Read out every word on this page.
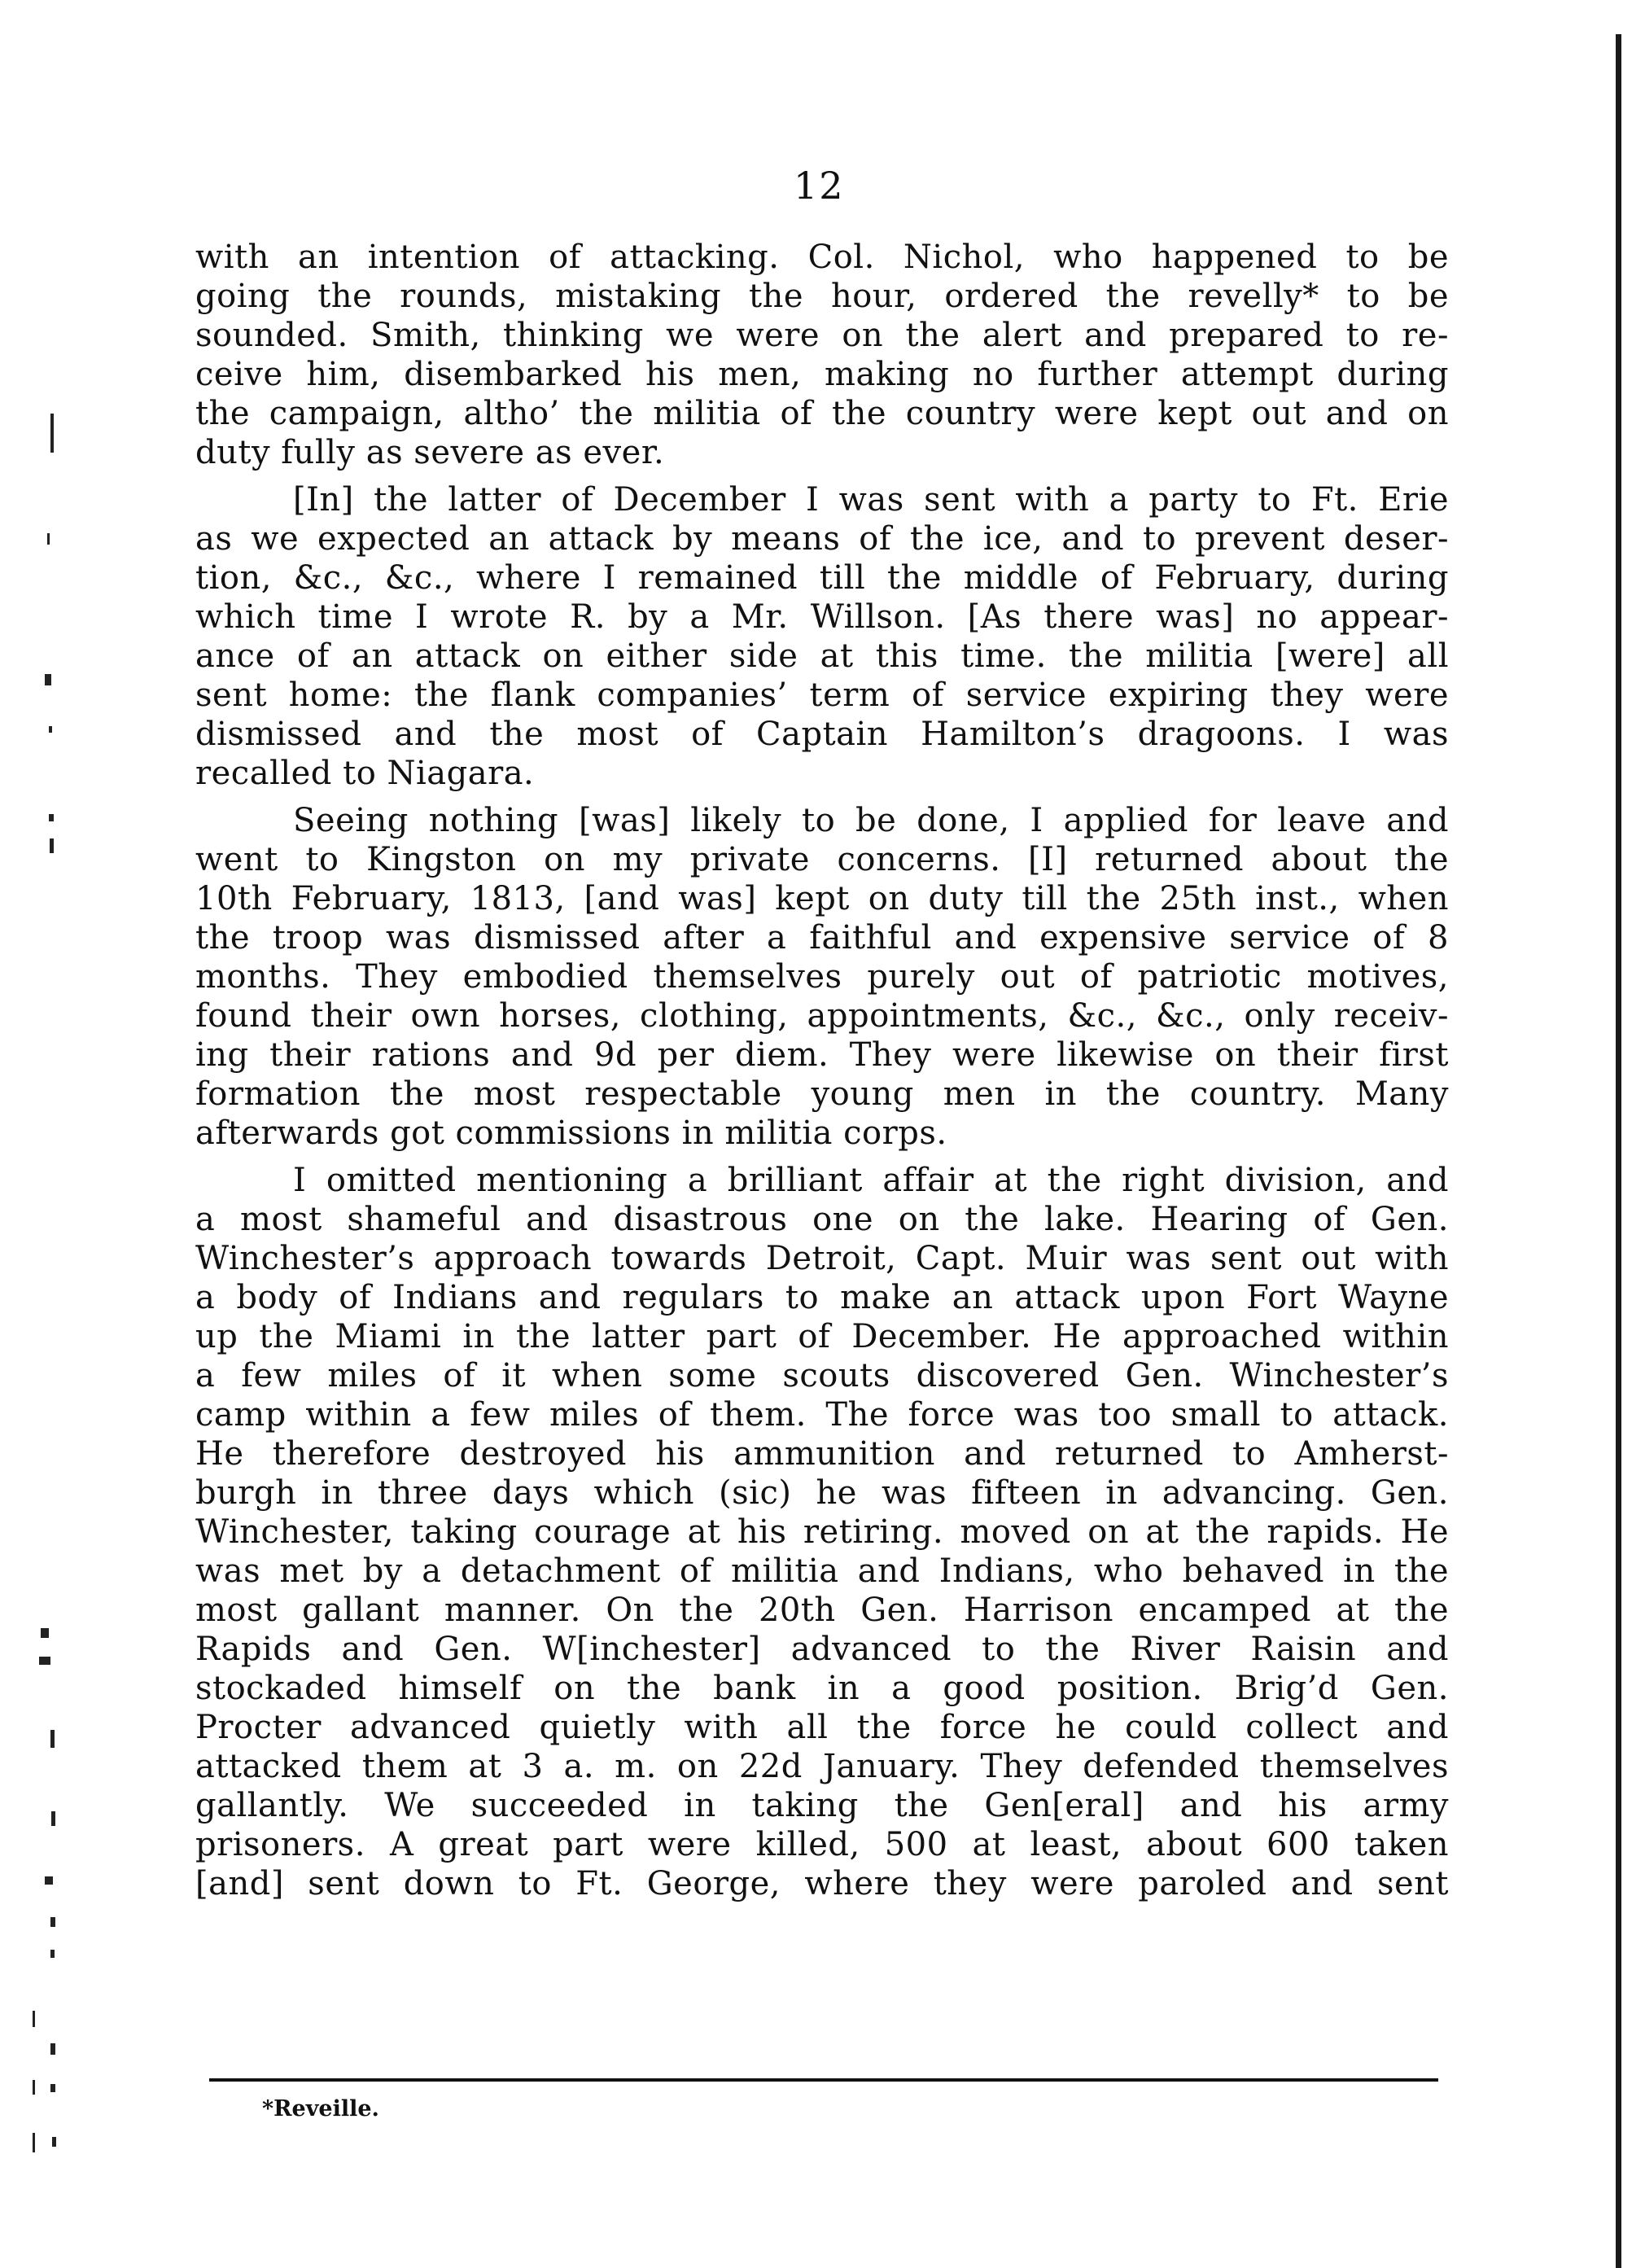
12
with an intention of attacking. Col. Nichol, who happened to be
going the rounds, mistaking the hour, ordered the revelly* to be
sounded. Smith, thinking we were on the alert and prepared to re-
ceive him, disembarked his men, making no further attempt during
the campaign, altho’ the militia of the country were kept out and on
duty fully as severe as ever.
[In] the latter of December I was sent with a party to Ft. Erie
as we expected an attack by means of the ice, and to prevent deser-
tion, &c., &c., where I remained till the middle of February, during
which time I wrote R. by a Mr. Willson. [As there was] no appear-
ance of an attack on either side at this time. the militia [were] all
sent home: the flank companies’ term of service expiring they were
dismissed and the most of Captain Hamilton’s dragoons. I was
recalled to Niagara.
Seeing nothing [was] likely to be done, I applied for leave and
went to Kingston on my private concerns. [I] returned about the
10th February, 1813, [and was] kept on duty till the 25th inst., when
the troop was dismissed after a faithful and expensive service of 8
months. They embodied themselves purely out of patriotic motives,
found their own horses, clothing, appointments, &c., &c., only receiv-
ing their rations and 9d per diem. They were likewise on their first
formation the most respectable young men in the country. Many
afterwards got commissions in militia corps.
I omitted mentioning a brilliant affair at the right division, and
a most shameful and disastrous one on the lake. Hearing of Gen.
Winchester’s approach towards Detroit, Capt. Muir was sent out with
a body of Indians and regulars to make an attack upon Fort Wayne
up the Miami in the latter part of December. He approached within
a few miles of it when some scouts discovered Gen. Winchester’s
camp within a few miles of them. The force was too small to attack.
He therefore destroyed his ammunition and returned to Amherst-
burgh in three days which (sic) he was fifteen in advancing. Gen.
Winchester, taking courage at his retiring. moved on at the rapids. He
was met by a detachment of militia and Indians, who behaved in the
most gallant manner. On the 20th Gen. Harrison encamped at the
Rapids and Gen. W[inchester] advanced to the River Raisin and
stockaded himself on the bank in a good position. Brig’d Gen.
Procter advanced quietly with all the force he could collect and
attacked them at 3 a. m. on 22d January. They defended themselves
gallantly. We succeeded in taking the Gen[eral] and his army
prisoners. A great part were killed, 500 at least, about 600 taken
[and] sent down to Ft. George, where they were paroled and sent
*Reveille.
